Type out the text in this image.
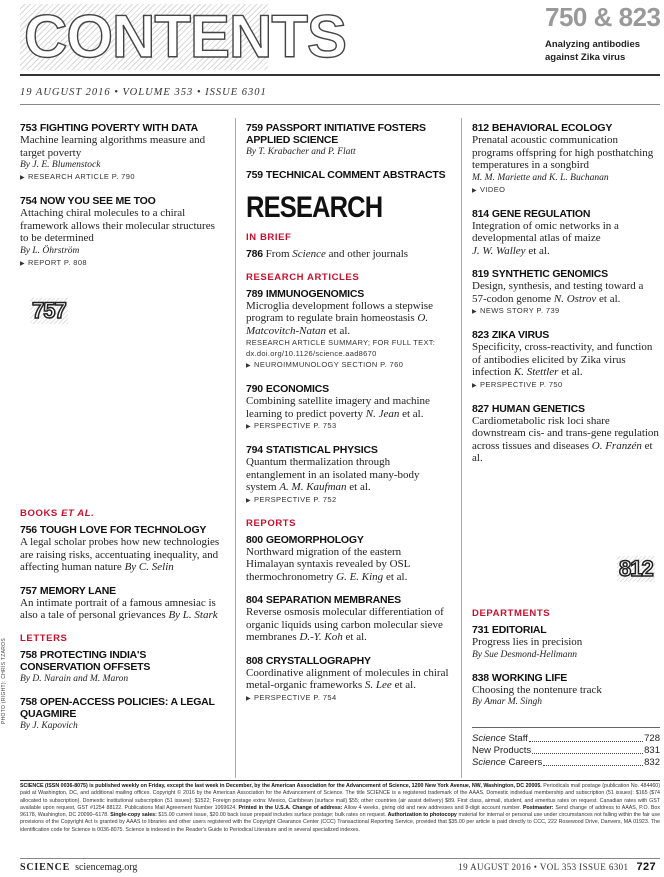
CONTENTS	750 & 823
Analyzing antibodies against Zika virus
19 AUGUST 2016 • VOLUME 353 • ISSUE 6301
753 FIGHTING POVERTY WITH DATA
Machine learning algorithms measure and target poverty
By J. E. Blumenstock
▶ RESEARCH ARTICLE P. 790
754 NOW YOU SEE ME TOO
Attaching chiral molecules to a chiral framework allows their molecular structures to be determined
By L. Öhrström
▶ REPORT P. 808
757
BOOKS ET AL.
756 TOUGH LOVE FOR TECHNOLOGY
A legal scholar probes how new technologies are raising risks, accentuating inequality, and affecting human nature By C. Selin
757 MEMORY LANE
An intimate portrait of a famous amnesiac is also a tale of personal grievances By L. Stark
LETTERS
758 PROTECTING INDIA'S CONSERVATION OFFSETS
By D. Narain and M. Maron
758 OPEN-ACCESS POLICIES: A LEGAL QUAGMIRE
By J. Kapovich
759 PASSPORT INITIATIVE FOSTERS APPLIED SCIENCE
By T. Krabacher and P. Flatt
759 TECHNICAL COMMENT ABSTRACTS
RESEARCH
IN BRIEF
786 From Science and other journals
RESEARCH ARTICLES
789 IMMUNOGENOMICS
Microglia development follows a stepwise program to regulate brain homeostasis O. Matcovitch-Natan et al.
RESEARCH ARTICLE SUMMARY; FOR FULL TEXT:
dx.doi.org/10.1126/science.aad8670
▶ NEUROIMMUNOLOGY SECTION P. 760
790 ECONOMICS
Combining satellite imagery and machine learning to predict poverty N. Jean et al.
▶ PERSPECTIVE P. 753
794 STATISTICAL PHYSICS
Quantum thermalization through entanglement in an isolated many-body system A. M. Kaufman et al.
▶ PERSPECTIVE P. 752
REPORTS
800 GEOMORPHOLOGY
Northward migration of the eastern Himalayan syntaxis revealed by OSL thermochronometry G. E. King et al.
804 SEPARATION MEMBRANES
Reverse osmosis molecular differentiation of organic liquids using carbon molecular sieve membranes D.-Y. Koh et al.
808 CRYSTALLOGRAPHY
Coordinative alignment of molecules in chiral metal-organic frameworks S. Lee et al.
▶ PERSPECTIVE P. 754
812 BEHAVIORAL ECOLOGY
Prenatal acoustic communication programs offspring for high posthatching temperatures in a songbird
M. M. Mariette and K. L. Buchanan
▶ VIDEO
814 GENE REGULATION
Integration of omic networks in a developmental atlas of maize
J. W. Walley et al.
819 SYNTHETIC GENOMICS
Design, synthesis, and testing toward a 57-codon genome N. Ostrov et al.
▶ NEWS STORY P. 739
823 ZIKA VIRUS
Specificity, cross-reactivity, and function of antibodies elicited by Zika virus infection K. Stettler et al.
▶ PERSPECTIVE P. 750
827 HUMAN GENETICS
Cardiometabolic risk loci share downstream cis- and trans-gene regulation across tissues and diseases O. Franzén et al.
812
DEPARTMENTS
731 EDITORIAL
Progress lies in precision
By Sue Desmond-Hellmann
838 WORKING LIFE
Choosing the nontenure track
By Amar M. Singh
Science Staff	728
New Products	831
Science Careers	832
PHOTO (RIGHT): CHRIS TZAROS
SCIENCE (ISSN 0036-8075) is published weekly on Friday, except the last week in December, by the American Association for the Advancement of Science, 1200 New York Avenue, NW, Washington, DC 20005. Periodicals mail postage (publication No. 484460) paid at Washington, DC, and additional mailing offices. Copyright © 2016 by the American Association for the Advancement of Science. The title SCIENCE is a registered trademark of the AAAS. Domestic individual membership and subscription (51 issues): $165 ($74 allocated to subscription). Domestic institutional subscription (51 issues): $1522; Foreign postage extra: Mexico, Caribbean (surface mail) $55; other countries (air assist delivery) $89. First class, airmail, student, and emeritus rates on request. Canadian rates with GST available upon request, GST #1254 88122. Publications Mail Agreement Number 1069624. Printed in the U.S.A. Change of address: Allow 4 weeks, giving old and new addresses and 8-digit account number. Postmaster: Send change of address to AAAS, P.O. Box 96178, Washington, DC 20090–6178. Single-copy sales: $15.00 current issue, $20.00 back issue prepaid includes surface postage; bulk rates on request. Authorization to photocopy material for internal or personal use under circumstances not falling within the fair use provisions of the Copyright Act is granted by AAAS to libraries and other users registered with the Copyright Clearance Center (CCC) Transactional Reporting Service, provided that $35.00 per article is paid directly to CCC, 222 Rosewood Drive, Danvers, MA 01923. The identification code for Science is 0036-8075. Science is indexed in the Reader's Guide to Periodical Literature and in several specialized indexes.
SCIENCE sciencemag.org	19 AUGUST 2016 • VOL 353 ISSUE 6301 727
